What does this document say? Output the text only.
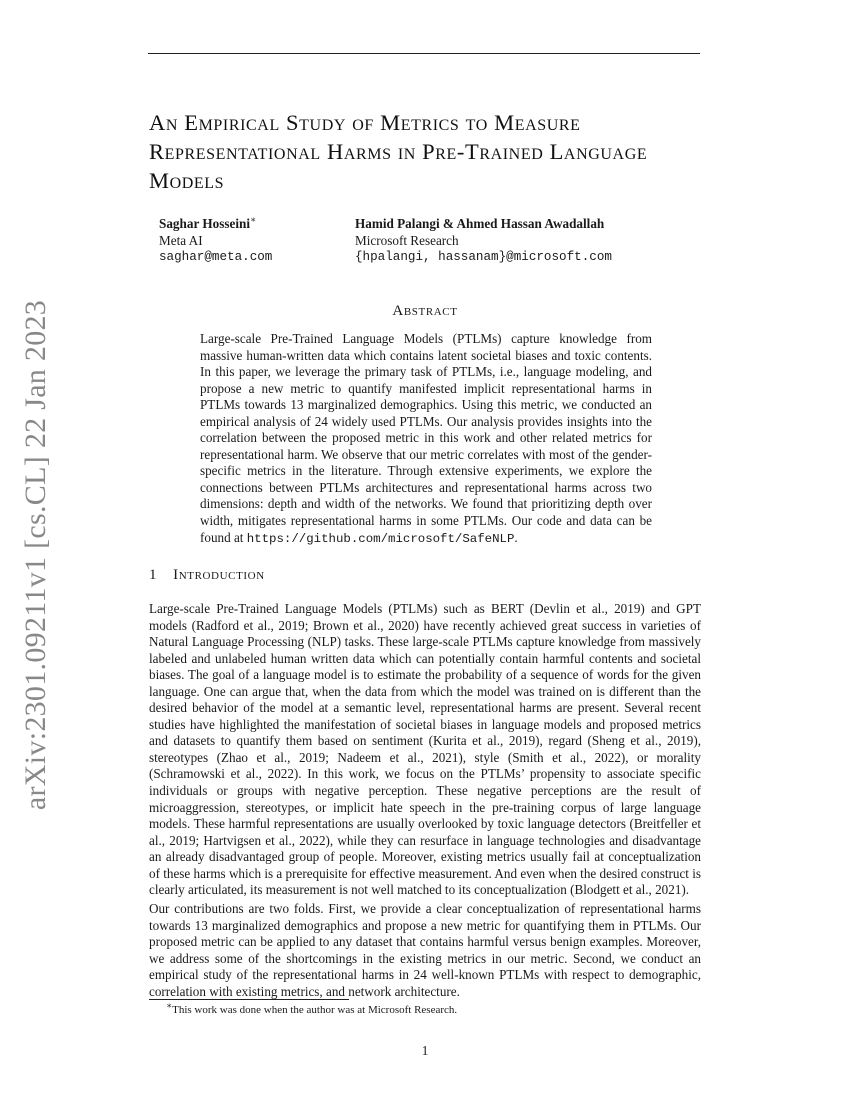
arXiv:2301.09211v1 [cs.CL] 22 Jan 2023
An Empirical Study of Metrics to Measure Representational Harms in Pre-Trained Language Models
Saghar Hosseini∗
Meta AI
saghar@meta.com
Hamid Palangi & Ahmed Hassan Awadallah
Microsoft Research
{hpalangi, hassanam}@microsoft.com
Abstract

Large-scale Pre-Trained Language Models (PTLMs) capture knowledge from massive human-written data which contains latent societal biases and toxic contents. In this paper, we leverage the primary task of PTLMs, i.e., language modeling, and propose a new metric to quantify manifested implicit representational harms in PTLMs towards 13 marginalized demographics. Using this metric, we conducted an empirical analysis of 24 widely used PTLMs. Our analysis provides insights into the correlation between the proposed metric in this work and other related metrics for representational harm. We observe that our metric correlates with most of the gender-specific metrics in the literature. Through extensive experiments, we explore the connections between PTLMs architectures and representational harms across two dimensions: depth and width of the networks. We found that prioritizing depth over width, mitigates representational harms in some PTLMs. Our code and data can be found at https://github.com/microsoft/SafeNLP.

1 Introduction

Large-scale Pre-Trained Language Models (PTLMs) such as BERT (Devlin et al., 2019) and GPT models (Radford et al., 2019; Brown et al., 2020) have recently achieved great success in varieties of Natural Language Processing (NLP) tasks. These large-scale PTLMs capture knowledge from massively labeled and unlabeled human written data which can potentially contain harmful contents and societal biases. The goal of a language model is to estimate the probability of a sequence of words for the given language. One can argue that, when the data from which the model was trained on is different than the desired behavior of the model at a semantic level, representational harms are present. Several recent studies have highlighted the manifestation of societal biases in language models and proposed metrics and datasets to quantify them based on sentiment (Kurita et al., 2019), regard (Sheng et al., 2019), stereotypes (Zhao et al., 2019; Nadeem et al., 2021), style (Smith et al., 2022), or morality (Schramowski et al., 2022). In this work, we focus on the PTLMs’ propensity to associate specific individuals or groups with negative perception. These negative perceptions are the result of microaggression, stereotypes, or implicit hate speech in the pre-training corpus of large language models. These harmful representations are usually overlooked by toxic language detectors (Breitfeller et al., 2019; Hartvigsen et al., 2022), while they can resurface in language technologies and disadvantage an already disadvantaged group of people. Moreover, existing metrics usually fail at conceptualization of these harms which is a prerequisite for effective measurement. And even when the desired construct is clearly articulated, its measurement is not well matched to its conceptualization (Blodgett et al., 2021).

Our contributions are two folds. First, we provide a clear conceptualization of representational harms towards 13 marginalized demographics and propose a new metric for quantifying them in PTLMs. Our proposed metric can be applied to any dataset that contains harmful versus benign examples. Moreover, we address some of the shortcomings in the existing metrics in our metric. Second, we conduct an empirical study of the representational harms in 24 well-known PTLMs with respect to demographic, correlation with existing metrics, and network architecture.

∗This work was done when the author was at Microsoft Research.
1
